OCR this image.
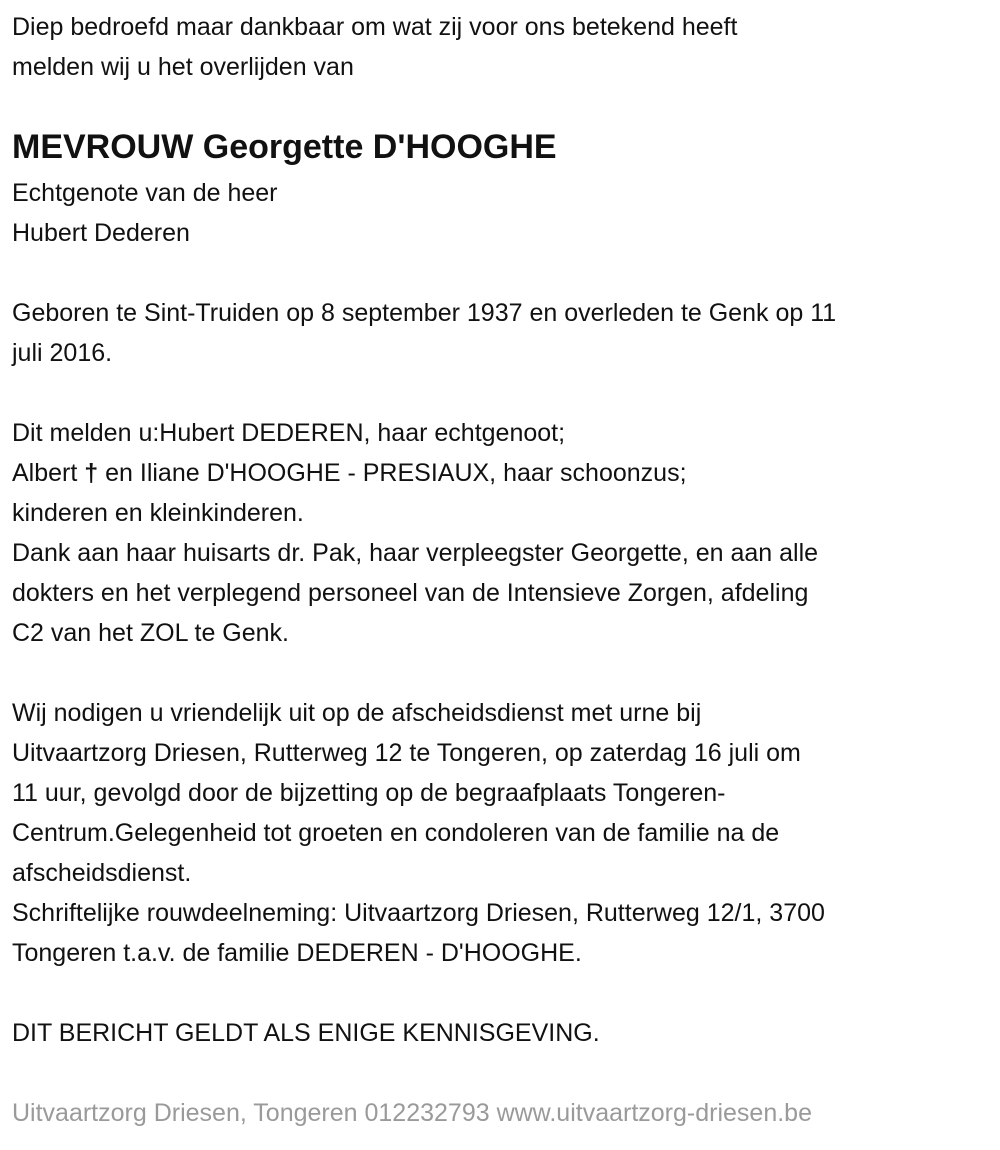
Diep bedroefd maar dankbaar om wat zij voor ons betekend heeft
melden wij u het overlijden van
MEVROUW Georgette D'HOOGHE
Echtgenote van de heer
Hubert Dederen
Geboren te Sint-Truiden op 8 september 1937 en overleden te Genk op 11
juli 2016.
Dit melden u:Hubert DEDEREN, haar echtgenoot;
Albert † en Iliane D'HOOGHE - PRESIAUX, haar schoonzus;
kinderen en kleinkinderen.
Dank aan haar huisarts dr. Pak, haar verpleegster Georgette, en aan alle
dokters en het verplegend personeel van de Intensieve Zorgen, afdeling
C2 van het ZOL te Genk.
Wij nodigen u vriendelijk uit op de afscheidsdienst met urne bij
Uitvaartzorg Driesen, Rutterweg 12 te Tongeren, op zaterdag 16 juli om
11 uur, gevolgd door de bijzetting op de begraafplaats Tongeren-
Centrum.Gelegenheid tot groeten en condoleren van de familie na de
afscheidsdienst.
Schriftelijke rouwdeelneming: Uitvaartzorg Driesen, Rutterweg 12/1, 3700
Tongeren t.a.v. de familie DEDEREN - D'HOOGHE.
DIT BERICHT GELDT ALS ENIGE KENNISGEVING.
Uitvaartzorg Driesen, Tongeren 012232793 www.uitvaartzorg-driesen.be
